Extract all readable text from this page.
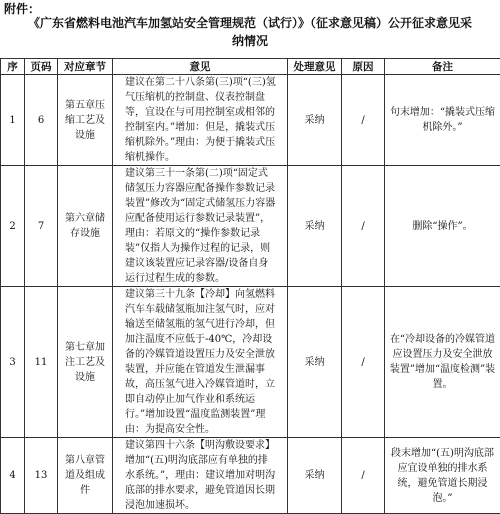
附件：
《广东省燃料电池汽车加氢站安全管理规范（试行）》（征求意见稿）公开征求意见采
纳情况
序	页码	对应章节	意见	处理意见	原因	备注
1	6	第五章压缩工艺及设施	建议在第二十八条第(三)项“(三)氢气压缩机的控制盘、仪表控制盘等，宜设在与可用控制室或相邻的控制室内。”增加：但是，撬装式压缩机除外。”理由：为便于撬装式压缩机操作。	采纳	/	句末增加：“撬装式压缩机除外。”
2	7	第六章储存设施	建议第三十一条第(二)项“固定式储氢压力容器应配备操作参数记录装置”修改为“固定式储氢压力容器应配备使用运行参数记录装置”，理由：若原文的“操作参数记录装”仅指人为操作过程的记录，则建议该装置应记录容器/设备自身运行过程生成的参数。	采纳	/	删除“操作”。
3	11	第七章加注工艺及设施	建议第三十九条【冷却】向氢燃料汽车车载储氢瓶加注氢气时，应对输送至储氢瓶的氢气进行冷却，但加注温度不应低于-40℃，冷却设备的冷媒管道设置压力及安全泄放装置，并应能在管道发生泄漏事故，高压氢气进入冷媒管道时，立即自动停止加气作业和系统运行。”增加设置“温度监测装置”理由：为提高安全性。	采纳	/	在“冷却设备的冷媒管道应设置压力及安全泄放装置”增加“温度检测”装置。
4	13	第八章管道及组成件	建议第四十六条【明沟敷设要求】增加“(五)明沟底部应有单独的排水系统。”，理由：建议增加对明沟底部的排水要求，避免管道因长期浸泡加速损坏。	采纳	/	段末增加“(五)明沟底部应宜设单独的排水系统，避免管道长期浸泡。”
